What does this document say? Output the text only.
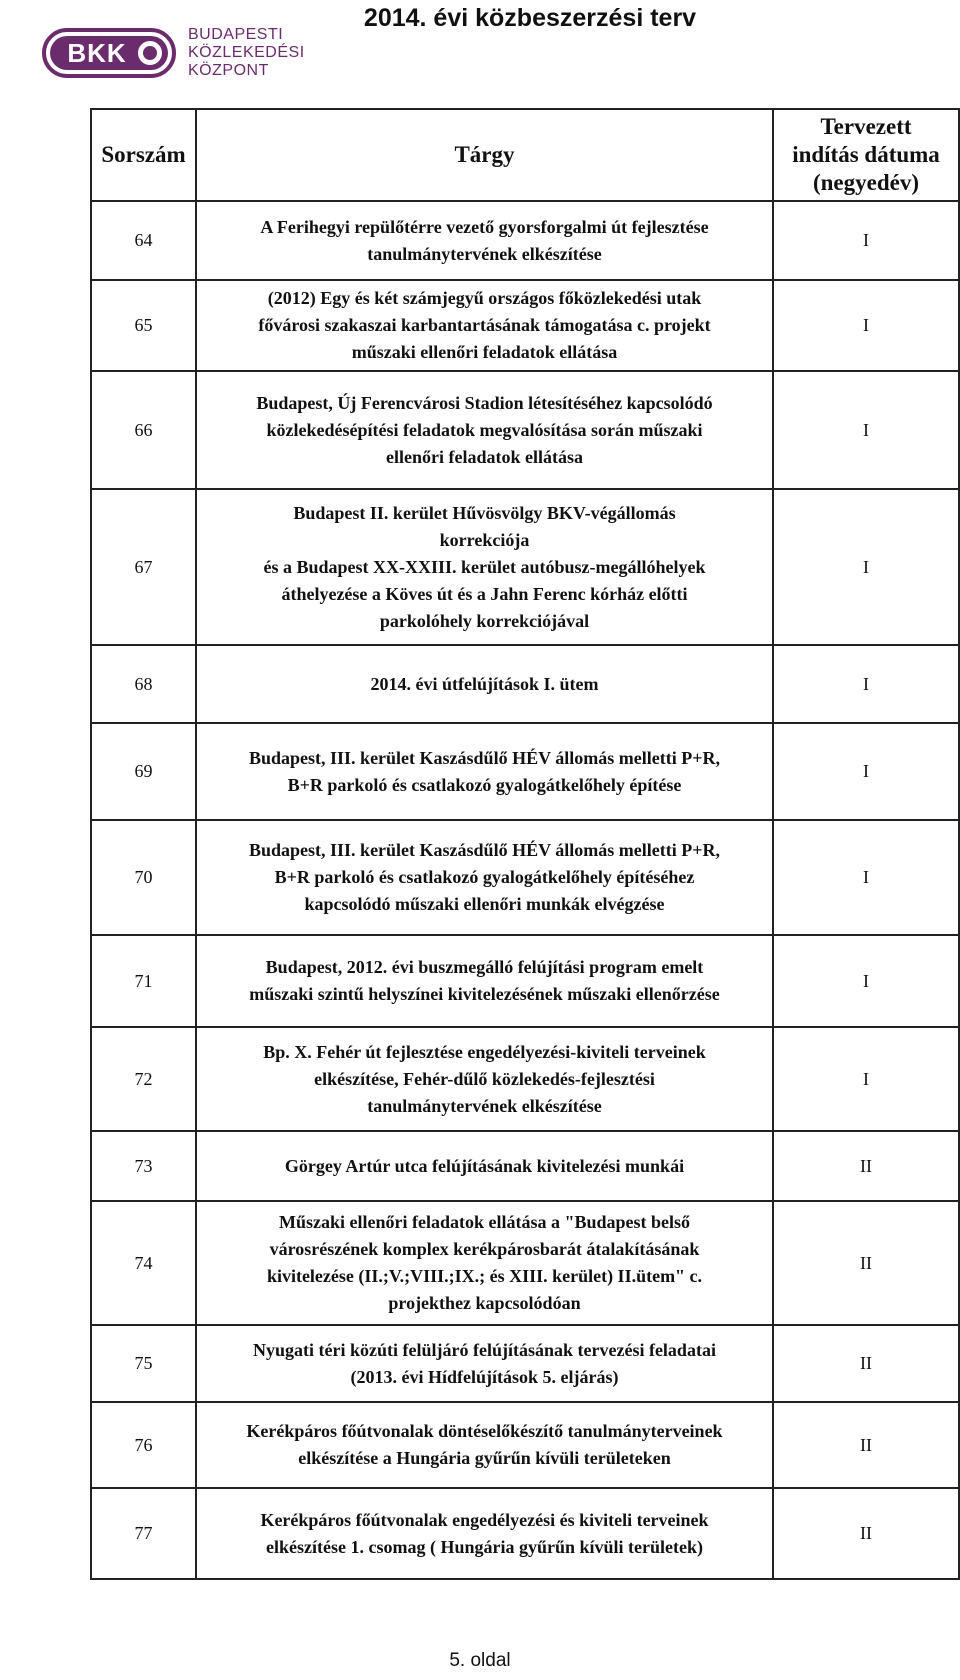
BKK
BUDAPESTI
KÖZLEKEDÉSI
KÖZPONT
2014. évi közbeszerzési terv
Sorszám	Tárgy	Tervezett
indítás dátuma
(negyedév)

64	A Ferihegyi repülőtérre vezető gyorsforgalmi út fejlesztése
tanulmánytervének elkészítése	I
65	(2012) Egy és két számjegyű országos főközlekedési utak
fővárosi szakaszai karbantartásának támogatása c. projekt
műszaki ellenőri feladatok ellátása	I
66	Budapest, Új Ferencvárosi Stadion létesítéséhez kapcsolódó
közlekedésépítési feladatok megvalósítása során műszaki
ellenőri feladatok ellátása	I
67	Budapest II. kerület Hűvösvölgy BKV-végállomás
korrekciója
és a Budapest XX-XXIII. kerület autóbusz-megállóhelyek
áthelyezése a Köves út és a Jahn Ferenc kórház előtti
parkolóhely korrekciójával	I
68	2014. évi útfelújítások I. ütem	I
69	Budapest, III. kerület Kaszásdűlő HÉV állomás melletti P+R,
B+R parkoló és csatlakozó gyalogátkelőhely építése	I
70	Budapest, III. kerület Kaszásdűlő HÉV állomás melletti P+R,
B+R parkoló és csatlakozó gyalogátkelőhely építéséhez
kapcsolódó műszaki ellenőri munkák elvégzése	I
71	Budapest, 2012. évi buszmegálló felújítási program emelt
műszaki szintű helyszínei kivitelezésének műszaki ellenőrzése	I
72	Bp. X. Fehér út fejlesztése engedélyezési-kiviteli terveinek
elkészítése, Fehér-dűlő közlekedés-fejlesztési
tanulmánytervének elkészítése	I
73	Görgey Artúr utca felújításának kivitelezési munkái	II
74	Műszaki ellenőri feladatok ellátása a "Budapest belső
városrészének komplex kerékpárosbarát átalakításának
kivitelezése (II.;V.;VIII.;IX.; és XIII. kerület) II.ütem" c.
projekthez kapcsolódóan	II
75	Nyugati téri közúti felüljáró felújításának tervezési feladatai
(2013. évi Hídfelújítások 5. eljárás)	II
76	Kerékpáros főútvonalak döntéselőkészítő tanulmányterveinek
elkészítése a Hungária gyűrűn kívüli területeken	II
77	Kerékpáros főútvonalak engedélyezési és kiviteli terveinek
elkészítése 1. csomag ( Hungária gyűrűn kívüli területek)	II
5. oldal
